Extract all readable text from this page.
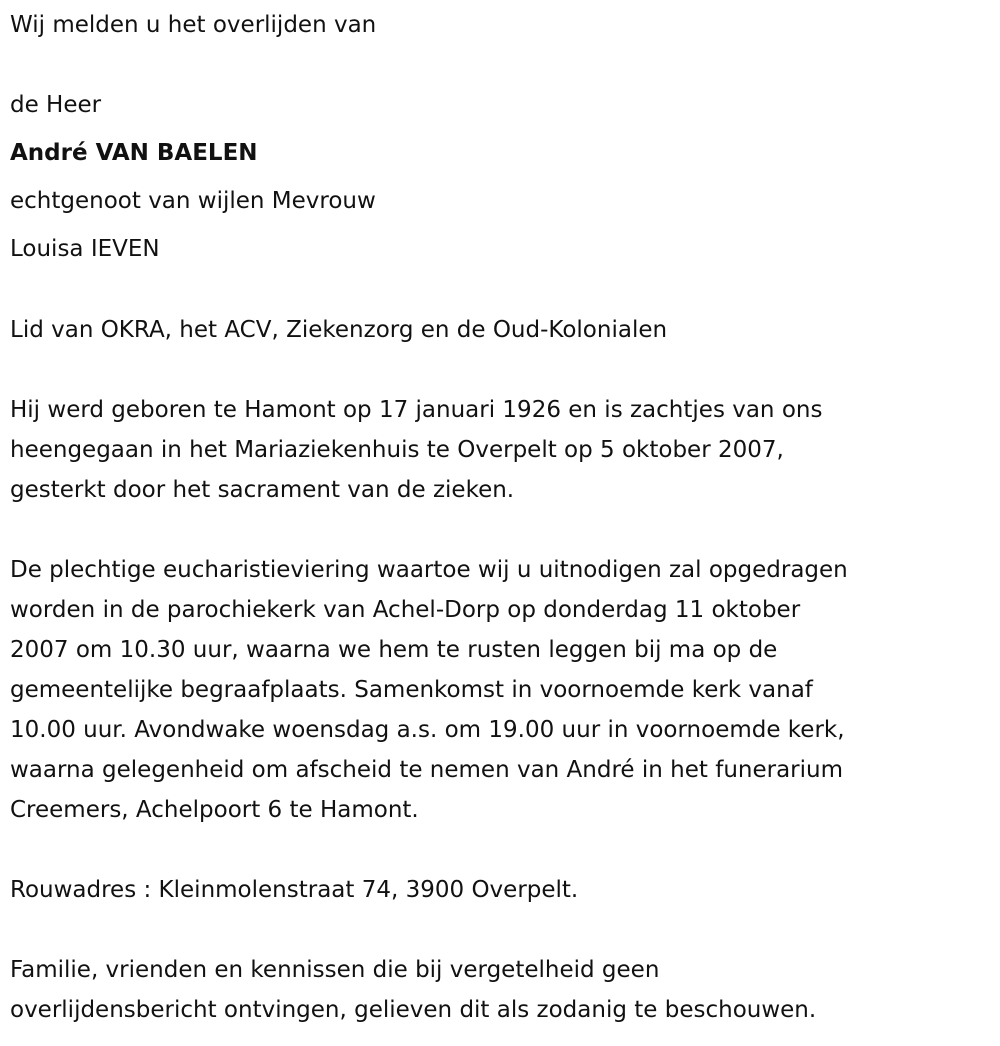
Wij melden u het overlijden van
de Heer
André VAN BAELEN
echtgenoot van wijlen Mevrouw
Louisa IEVEN
Lid van OKRA, het ACV, Ziekenzorg en de Oud-Kolonialen
Hij werd geboren te Hamont op 17 januari 1926 en is zachtjes van ons
heengegaan in het Mariaziekenhuis te Overpelt op 5 oktober 2007,
gesterkt door het sacrament van de zieken.
De plechtige eucharistieviering waartoe wij u uitnodigen zal opgedragen
worden in de parochiekerk van Achel-Dorp op donderdag 11 oktober
2007 om 10.30 uur, waarna we hem te rusten leggen bij ma op de
gemeentelijke begraafplaats. Samenkomst in voornoemde kerk vanaf
10.00 uur. Avondwake woensdag a.s. om 19.00 uur in voornoemde kerk,
waarna gelegenheid om afscheid te nemen van André in het funerarium
Creemers, Achelpoort 6 te Hamont.
Rouwadres : Kleinmolenstraat 74, 3900 Overpelt.
Familie, vrienden en kennissen die bij vergetelheid geen
overlijdensbericht ontvingen, gelieven dit als zodanig te beschouwen.
